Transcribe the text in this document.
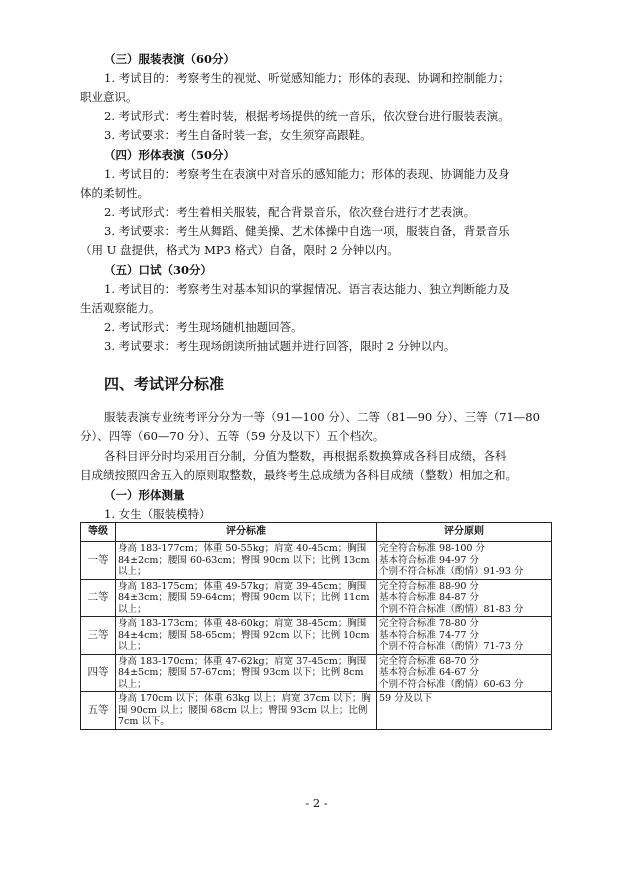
（三）服装表演（60分）
1. 考试目的：考察考生的视觉、听觉感知能力；形体的表现、协调和控制能力；
职业意识。
2. 考试形式：考生着时装，根据考场提供的统一音乐，依次登台进行服装表演。
3. 考试要求：考生自备时装一套，女生须穿高跟鞋。
（四）形体表演（50分）
1. 考试目的：考察考生在表演中对音乐的感知能力；形体的表现、协调能力及身
体的柔韧性。
2. 考试形式：考生着相关服装，配合背景音乐，依次登台进行才艺表演。
3. 考试要求：考生从舞蹈、健美操、艺术体操中自选一项，服装自备，背景音乐
（用 U 盘提供，格式为 MP3 格式）自备，限时 2 分钟以内。
（五）口试（30分）
1. 考试目的：考察考生对基本知识的掌握情况、语言表达能力、独立判断能力及
生活观察能力。
2. 考试形式：考生现场随机抽题回答。
3. 考试要求：考生现场朗读所抽试题并进行回答，限时 2 分钟以内。
四、考试评分标准
服装表演专业统考评分分为一等（91—100 分）、二等（81—90 分）、三等（71—80
分）、四等（60—70 分）、五等（59 分及以下）五个档次。
各科目评分时均采用百分制，分值为整数，再根据系数换算成各科目成绩，各科
目成绩按照四舍五入的原则取整数，最终考生总成绩为各科目成绩（整数）相加之和。
（一）形体测量
1. 女生（服装模特）
等级	评分标准	评分原则
一等	身高 183-177cm；体重 50-55kg；肩宽 40-45cm；胸围 84±2cm；腰围 60-63cm；臀围 90cm 以下；比例 13cm 以上；	完全符合标准 98-100 分
基本符合标准 94-97 分
个别不符合标准（酌情）91-93 分

二等	身高 183-175cm；体重 49-57kg；肩宽 39-45cm；胸围 84±3cm；腰围 59-64cm；臀围 90cm 以下；比例 11cm 以上；	完全符合标准 88-90 分
基本符合标准 84-87 分
个别不符合标准（酌情）81-83 分

三等	身高 183-173cm；体重 48-60kg；肩宽 38-45cm；胸围 84±4cm；腰围 58-65cm；臀围 92cm 以下；比例 10cm 以上；	完全符合标准 78-80 分
基本符合标准 74-77 分
个别不符合标准（酌情）71-73 分

四等	身高 183-170cm；体重 47-62kg；肩宽 37-45cm；胸围 84±5cm；腰围 57-67cm；臀围 93cm 以下；比例 8cm 以上；	完全符合标准 68-70 分
基本符合标准 64-67 分
个别不符合标准（酌情）60-63 分

五等	身高 170cm 以下；体重 63kg 以上；肩宽 37cm 以下；胸围 90cm 以上；腰围 68cm 以上；臀围 93cm 以上；比例 7cm 以下。	59 分及以下
- 2 -
